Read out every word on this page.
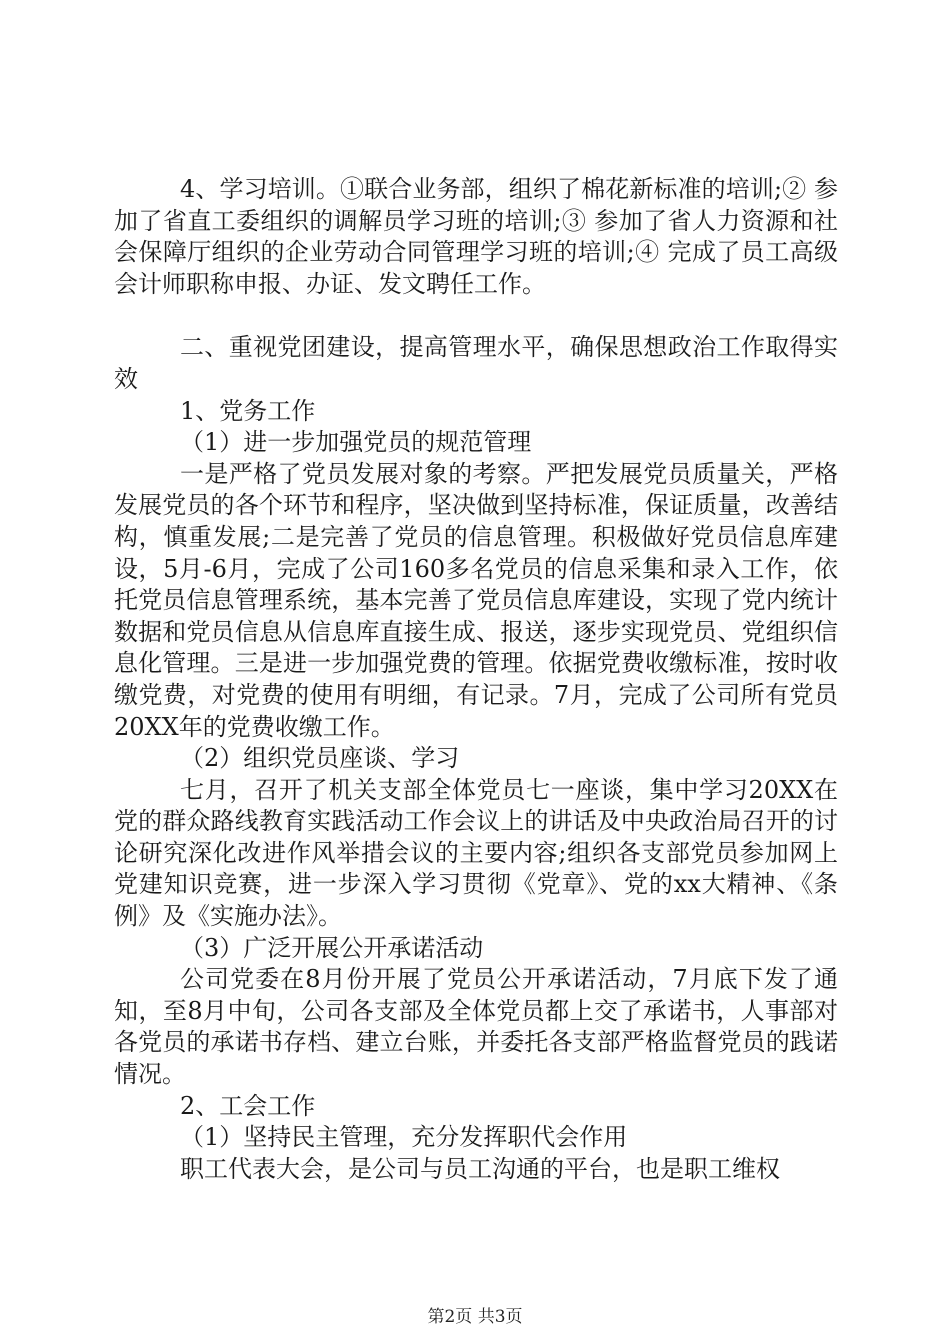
4、学习培训。①联合业务部，组织了棉花新标准的培训;② 参加了省直工委组织的调解员学习班的培训;③ 参加了省人力资源和社会保障厅组织的企业劳动合同管理学习班的培训;④ 完成了员工高级会计师职称申报、办证、发文聘任工作。

二、重视党团建设，提高管理水平，确保思想政治工作取得实效

1、党务工作

（1）进一步加强党员的规范管理

一是严格了党员发展对象的考察。严把发展党员质量关，严格发展党员的各个环节和程序，坚决做到坚持标准，保证质量，改善结构，慎重发展;二是完善了党员的信息管理。积极做好党员信息库建设，5月-6月，完成了公司160多名党员的信息采集和录入工作，依托党员信息管理系统，基本完善了党员信息库建设，实现了党内统计数据和党员信息从信息库直接生成、报送，逐步实现党员、党组织信息化管理。三是进一步加强党费的管理。依据党费收缴标准，按时收缴党费，对党费的使用有明细，有记录。7月，完成了公司所有党员20XX年的党费收缴工作。

（2）组织党员座谈、学习

七月，召开了机关支部全体党员七一座谈，集中学习20XX在党的群众路线教育实践活动工作会议上的讲话及中央政治局召开的讨论研究深化改进作风举措会议的主要内容;组织各支部党员参加网上党建知识竞赛，进一步深入学习贯彻《党章》、党的xx大精神、《条例》及《实施办法》。

（3）广泛开展公开承诺活动

公司党委在8月份开展了党员公开承诺活动，7月底下发了通知，至8月中旬，公司各支部及全体党员都上交了承诺书，人事部对各党员的承诺书存档、建立台账，并委托各支部严格监督党员的践诺情况。

2、工会工作

（1）坚持民主管理，充分发挥职代会作用

职工代表大会，是公司与员工沟通的平台，也是职工维权

第2页 共3页
